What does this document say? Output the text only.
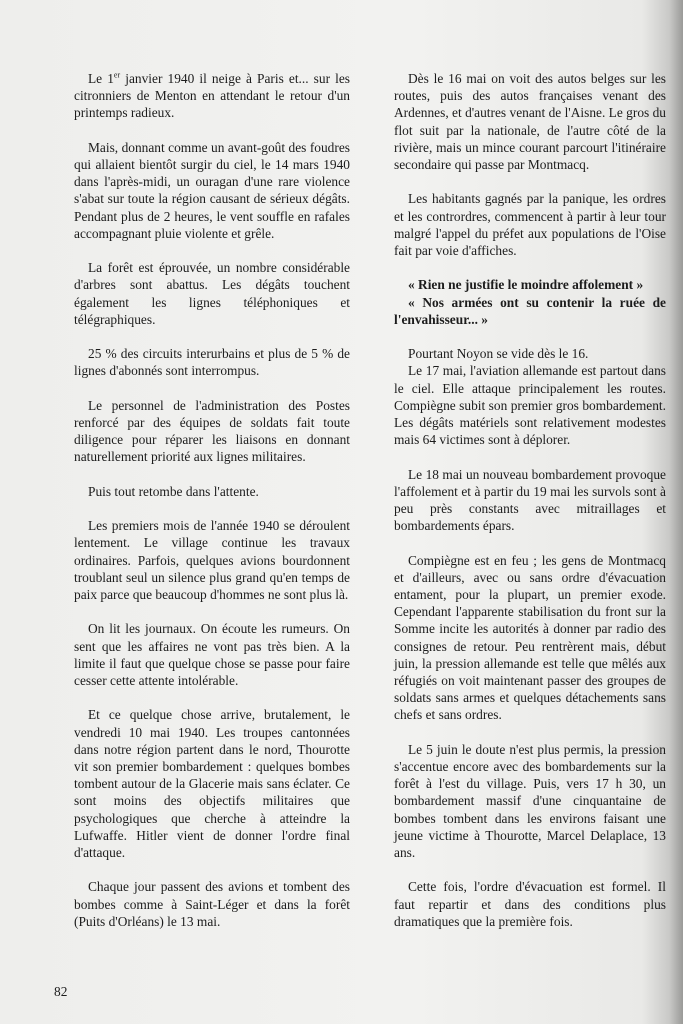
Le 1er janvier 1940 il neige à Paris et... sur les citronniers de Menton en attendant le retour d'un printemps radieux.

Mais, donnant comme un avant-goût des foudres qui allaient bientôt surgir du ciel, le 14 mars 1940 dans l'après-midi, un ouragan d'une rare violence s'abat sur toute la région causant de sérieux dégâts. Pendant plus de 2 heures, le vent souffle en rafales accompagnant pluie violente et grêle.

La forêt est éprouvée, un nombre considérable d'arbres sont abattus. Les dégâts touchent également les lignes téléphoniques et télégraphiques.

25 % des circuits interurbains et plus de 5 % de lignes d'abonnés sont interrompus.

Le personnel de l'administration des Postes renforcé par des équipes de soldats fait toute diligence pour réparer les liaisons en donnant naturellement priorité aux lignes militaires.

Puis tout retombe dans l'attente.

Les premiers mois de l'année 1940 se déroulent lentement. Le village continue les travaux ordinaires. Parfois, quelques avions bourdonnent troublant seul un silence plus grand qu'en temps de paix parce que beaucoup d'hommes ne sont plus là.

On lit les journaux. On écoute les rumeurs. On sent que les affaires ne vont pas très bien. A la limite il faut que quelque chose se passe pour faire cesser cette attente intolérable.

Et ce quelque chose arrive, brutalement, le vendredi 10 mai 1940. Les troupes cantonnées dans notre région partent dans le nord, Thourotte vit son premier bombardement : quelques bombes tombent autour de la Glacerie mais sans éclater. Ce sont moins des objectifs militaires que psychologiques que cherche à atteindre la Lufwaffe. Hitler vient de donner l'ordre final d'attaque.

Chaque jour passent des avions et tombent des bombes comme à Saint-Léger et dans la forêt (Puits d'Orléans) le 13 mai.

Dès le 16 mai on voit des autos belges sur les routes, puis des autos françaises venant des Ardennes, et d'autres venant de l'Aisne. Le gros du flot suit par la nationale, de l'autre côté de la rivière, mais un mince courant parcourt l'itinéraire secondaire qui passe par Montmacq.

Les habitants gagnés par la panique, les ordres et les contrordres, commencent à partir à leur tour malgré l'appel du préfet aux populations de l'Oise fait par voie d'affiches.

« Rien ne justifie le moindre affolement »

« Nos armées ont su contenir la ruée de l'envahisseur... »

Pourtant Noyon se vide dès le 16.

Le 17 mai, l'aviation allemande est partout dans le ciel. Elle attaque principalement les routes. Compiègne subit son premier gros bombardement. Les dégâts matériels sont relativement modestes mais 64 victimes sont à déplorer.

Le 18 mai un nouveau bombardement provoque l'affolement et à partir du 19 mai les survols sont à peu près constants avec mitraillages et bombardements épars.

Compiègne est en feu ; les gens de Montmacq et d'ailleurs, avec ou sans ordre d'évacuation entament, pour la plupart, un premier exode. Cependant l'apparente stabilisation du front sur la Somme incite les autorités à donner par radio des consignes de retour. Peu rentrèrent mais, début juin, la pression allemande est telle que mêlés aux réfugiés on voit maintenant passer des groupes de soldats sans armes et quelques détachements sans chefs et sans ordres.

Le 5 juin le doute n'est plus permis, la pression s'accentue encore avec des bombardements sur la forêt à l'est du village. Puis, vers 17 h 30, un bombardement massif d'une cinquantaine de bombes tombent dans les environs faisant une jeune victime à Thourotte, Marcel Delaplace, 13 ans.

Cette fois, l'ordre d'évacuation est formel. Il faut repartir et dans des conditions plus dramatiques que la première fois.

82
